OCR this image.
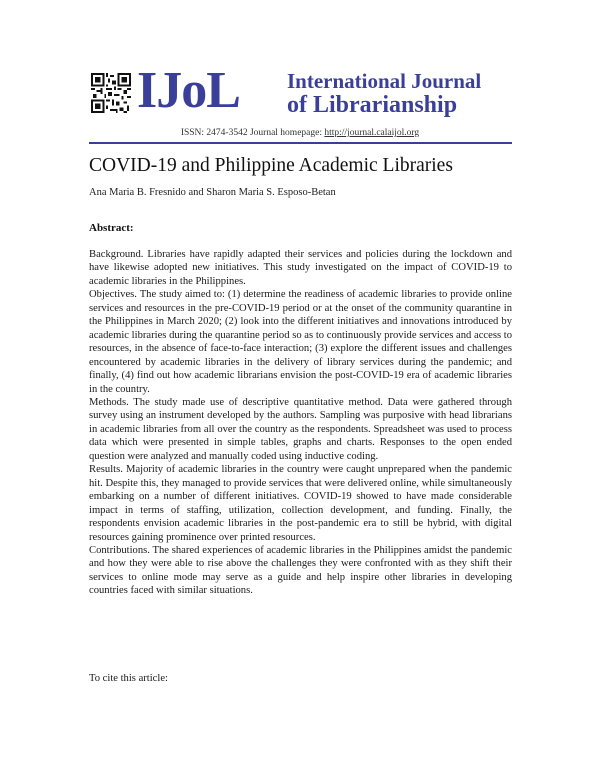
IJoL International Journal
of Librarianship
ISSN: 2474-3542 Journal homepage: http://journal.calaijol.org
COVID-19 and Philippine Academic Libraries
Ana Maria B. Fresnido and Sharon Maria S. Esposo-Betan
Abstract:

Background. Libraries have rapidly adapted their services and policies during the lockdown and have likewise adopted new initiatives. This study investigated on the impact of COVID-19 to academic libraries in the Philippines.

Objectives. The study aimed to: (1) determine the readiness of academic libraries to provide online services and resources in the pre-COVID-19 period or at the onset of the community quarantine in the Philippines in March 2020; (2) look into the different initiatives and innovations introduced by academic libraries during the quarantine period so as to continuously provide services and access to resources, in the absence of face-to-face interaction; (3) explore the different issues and challenges encountered by academic libraries in the delivery of library services during the pandemic; and finally, (4) find out how academic librarians envision the post-COVID-19 era of academic libraries in the country.

Methods. The study made use of descriptive quantitative method. Data were gathered through survey using an instrument developed by the authors. Sampling was purposive with head librarians in academic libraries from all over the country as the respondents. Spreadsheet was used to process data which were presented in simple tables, graphs and charts. Responses to the open ended question were analyzed and manually coded using inductive coding.

Results. Majority of academic libraries in the country were caught unprepared when the pandemic hit. Despite this, they managed to provide services that were delivered online, while simultaneously embarking on a number of different initiatives. COVID-19 showed to have made considerable impact in terms of staffing, utilization, collection development, and funding. Finally, the respondents envision academic libraries in the post-pandemic era to still be hybrid, with digital resources gaining prominence over printed resources.

Contributions. The shared experiences of academic libraries in the Philippines amidst the pandemic and how they were able to rise above the challenges they were confronted with as they shift their services to online mode may serve as a guide and help inspire other libraries in developing countries faced with similar situations.

To cite this article:
